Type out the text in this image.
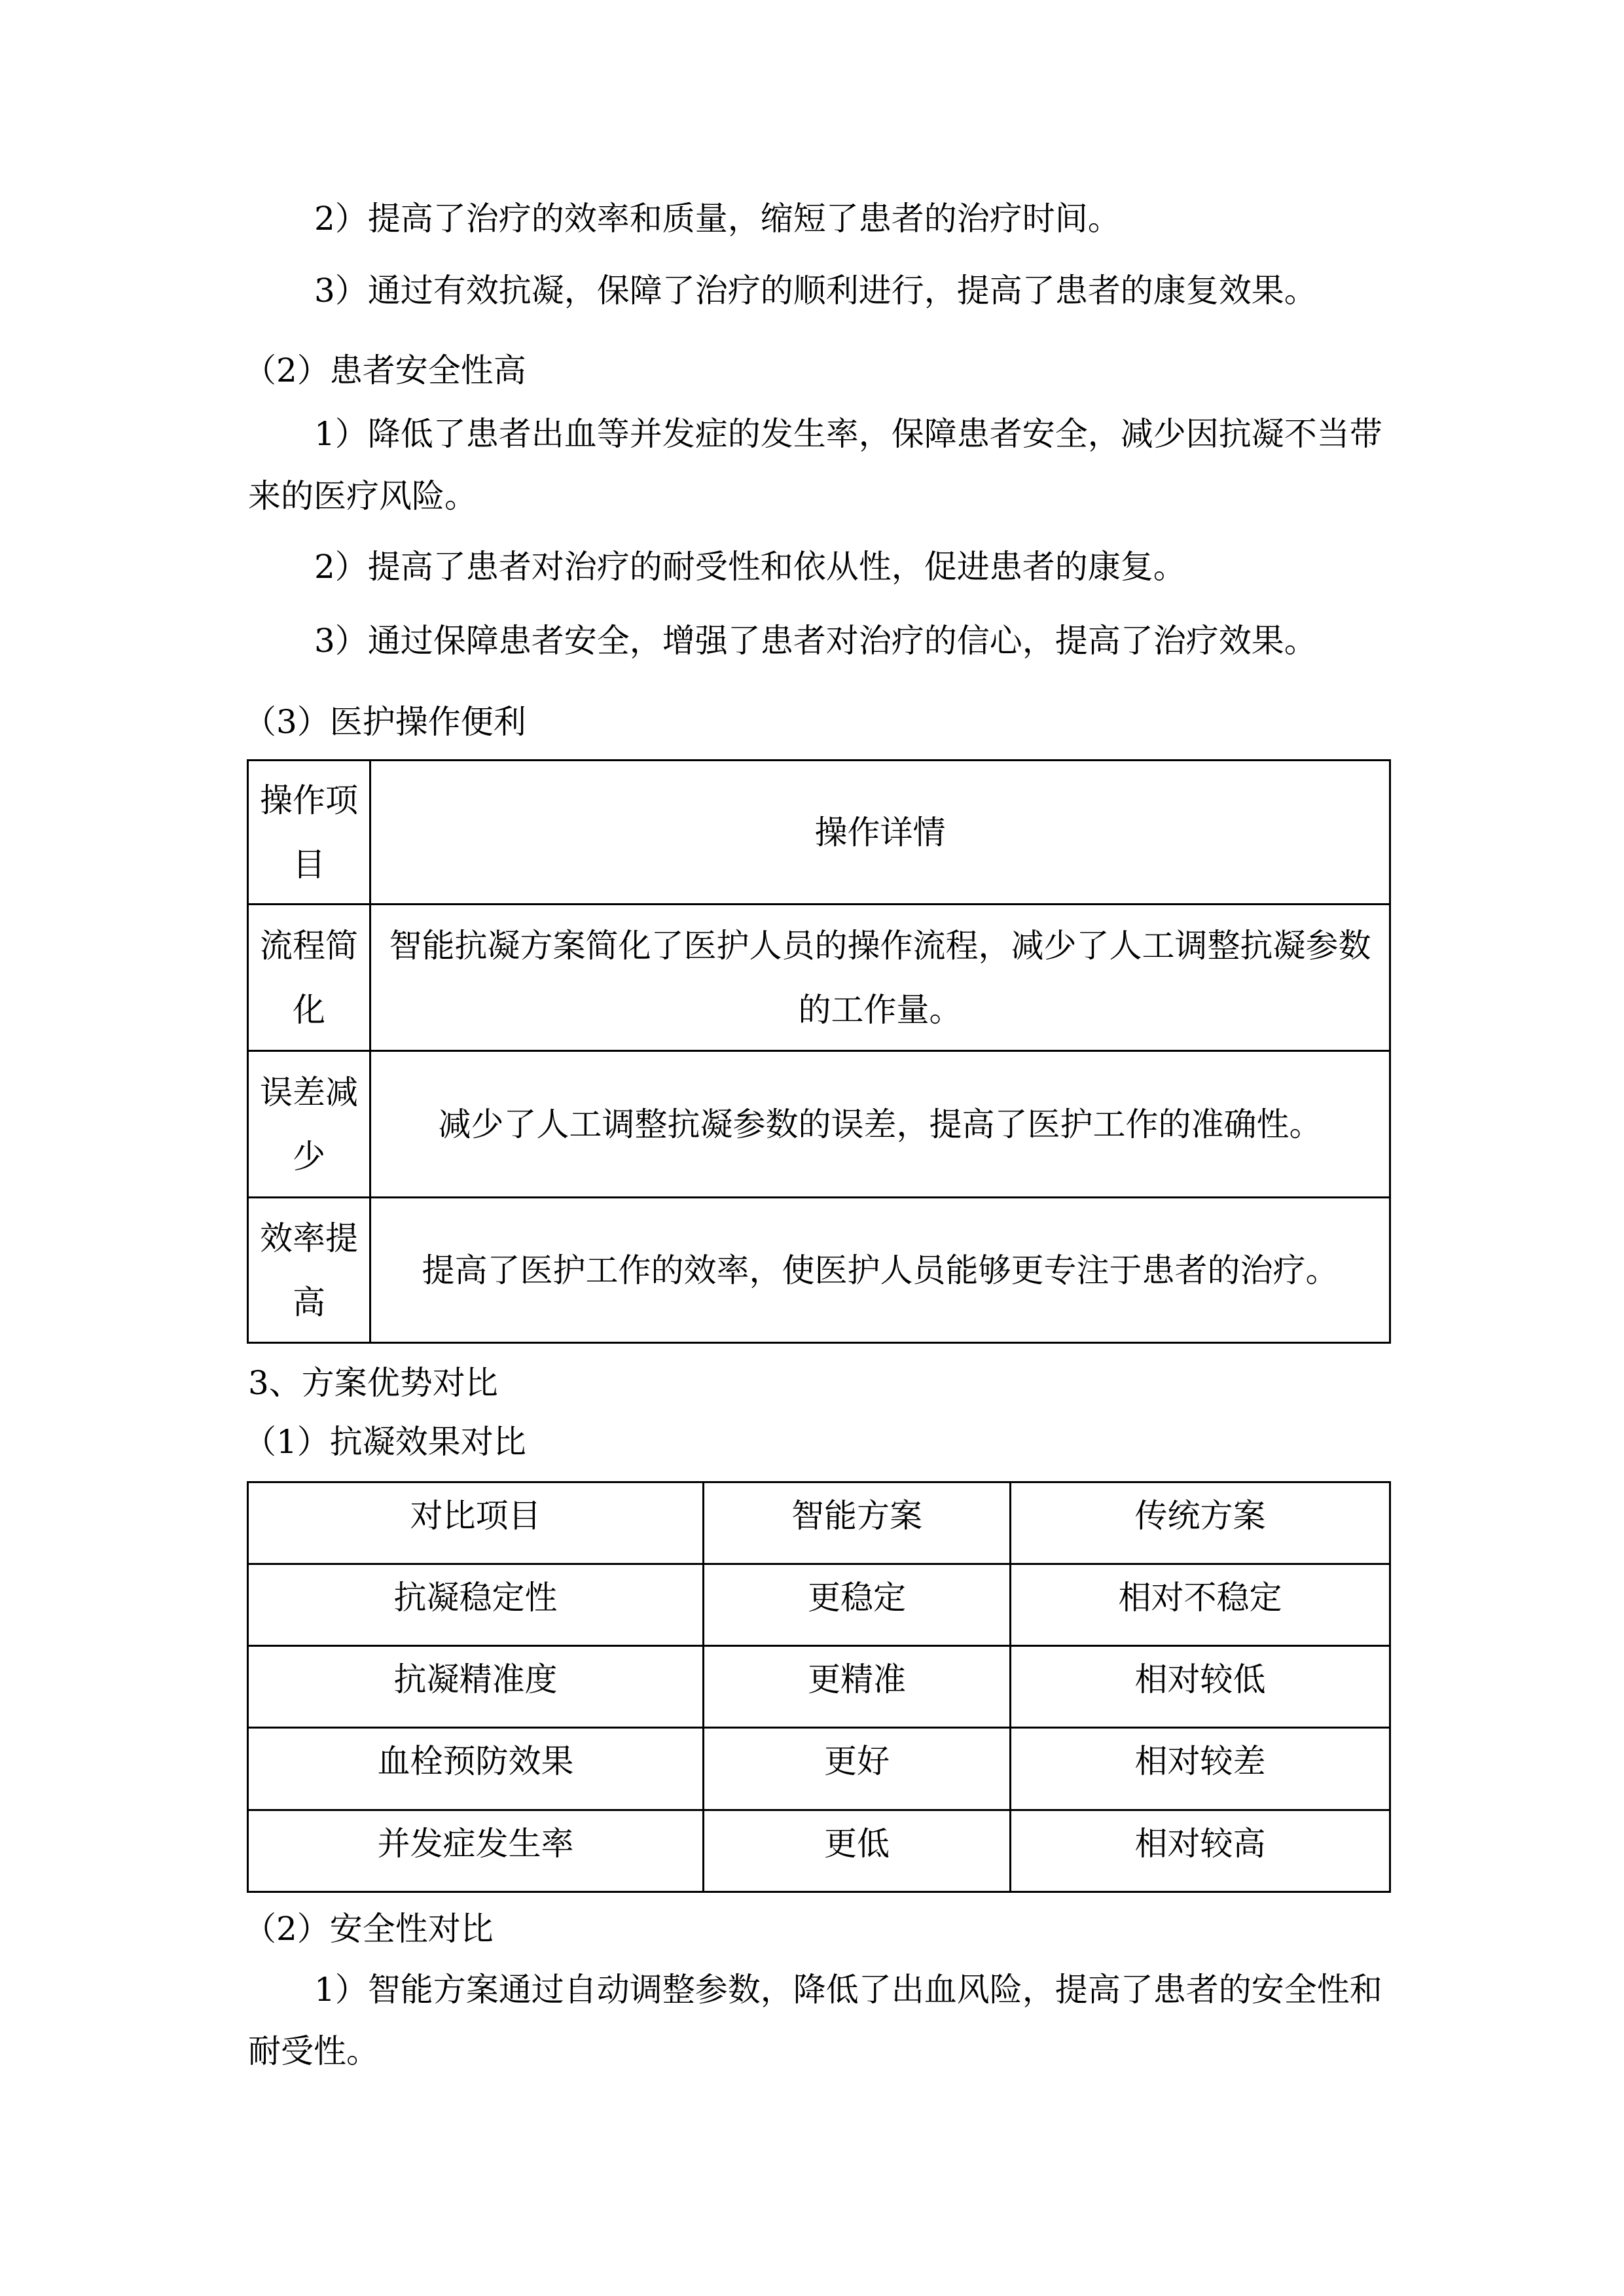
2）提高了治疗的效率和质量，缩短了患者的治疗时间。
3）通过有效抗凝，保障了治疗的顺利进行，提高了患者的康复效果。
（2）患者安全性高
1）降低了患者出血等并发症的发生率，保障患者安全，减少因抗凝不当带
来的医疗风险。
2）提高了患者对治疗的耐受性和依从性，促进患者的康复。
3）通过保障患者安全，增强了患者对治疗的信心，提高了治疗效果。
（3）医护操作便利
操作项目	操作详情
流程简化	智能抗凝方案简化了医护人员的操作流程，减少了人工调整抗凝参数的工作量。
误差减少	减少了人工调整抗凝参数的误差，提高了医护工作的准确性。
效率提高	提高了医护工作的效率，使医护人员能够更专注于患者的治疗。
3、方案优势对比
（1）抗凝效果对比
对比项目	智能方案	传统方案
抗凝稳定性	更稳定	相对不稳定
抗凝精准度	更精准	相对较低
血栓预防效果	更好	相对较差
并发症发生率	更低	相对较高
（2）安全性对比
1）智能方案通过自动调整参数，降低了出血风险，提高了患者的安全性和
耐受性。
